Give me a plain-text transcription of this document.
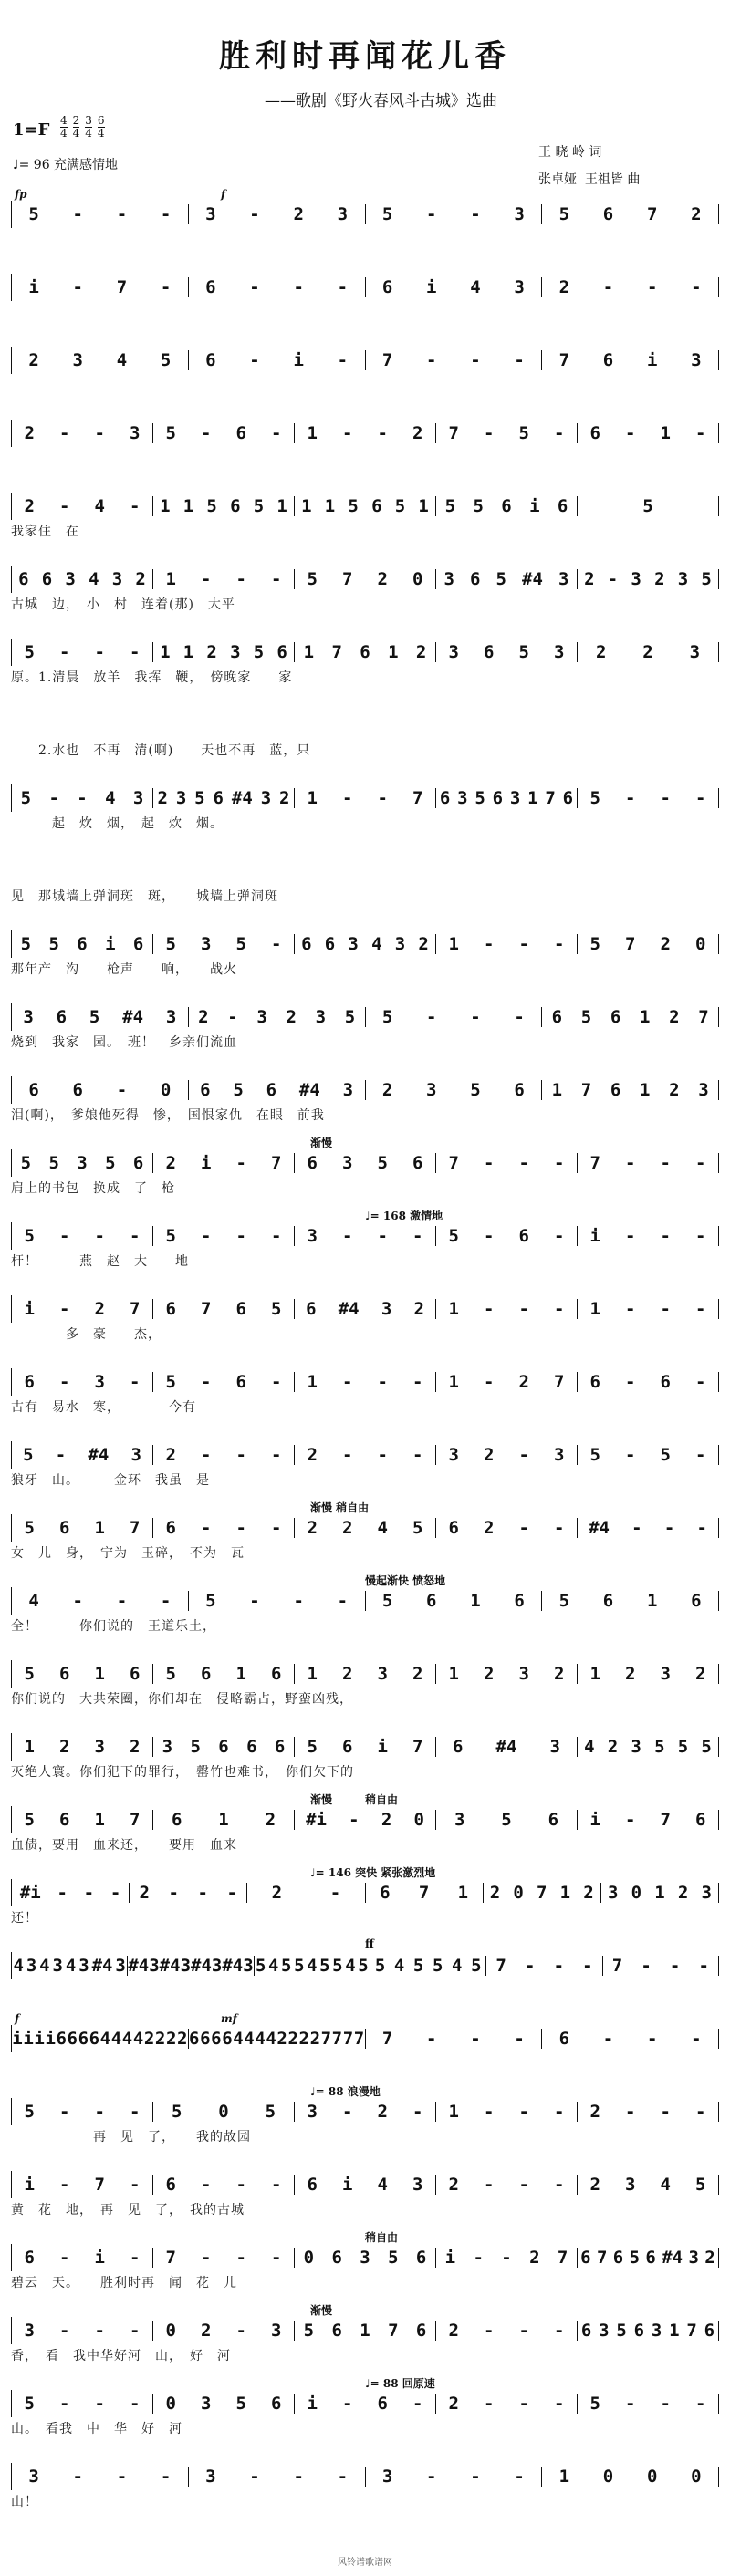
胜利时再闻花儿香
——歌剧《野火春风斗古城》选曲
$1=F \frac{4}{4} \frac{2}{4} \frac{3}{4} \frac{6}{4}$
♩= 96 充满感情地
王 晓 岭 词
张卓娅  王祖皆 曲
5 - - - 3 - 2 3 5 - - 3 5 6 7 2
fp	f
i - 7 - 6 - - - 6 i 4 3 2 - - -
2 3 4 5 6 - i - 7 - - - 7 6 i 3
2 - - 3 5 - 6 - 1 - - 2 7 - 5 - 6 - 1 -
2 - 4 - 1 1 5 6 5 1 1 1 5 6 5 1 5 5 6 i 6	5
我家住　在
6 6 3 4 3 2 1 - - - 5 7 2 0 3 6 5 #4 3 2 - 3 2 3 5
古城　边，　小　村　连着(那)　大平
5 - - - 1 1 2 3 5 6 1 7 6 1 2 3 6 5 3 2 2 3
原。1.清晨　放羊　我挥　鞭，　傍晚家　　家
　　2.水也　不再　清(啊)　　天也不再　蓝，只
5 - - 4 3 2 3 5 6 #4 3 2 1 - - 7 6 3 5 6 3 1 7 6 5 - - -
　　　起　炊　烟，　起　炊　烟。
见　那城墙上弹洞斑　斑，　　城墙上弹洞斑
5 5 6 i 6 5 3 5 - 6 6 3 4 3 2 1 - - - 5 7 2 0
那年产　沟　　枪声　　响，　　战火
3 6 5 #4 3 2 - 3 2 3 5 5 - - - 6 5 6 1 2 7
烧到　我家　园。　班！　乡亲们流血
6 6 - 0 6 5 6 #4 3 2 3 5 6 1 7 6 1 2 3
泪(啊)，　爹娘他死得　惨，　国恨家仇　在眼　前我
5 5 3 5 6 2 i - 7 6 3 5 6 7 - - - 7 - - -
肩上的书包　换成　了　枪
5 - - - 5 - - - 3 - - - 5 - 6 - i - - -
杆！　　　燕　赵　大　　地
i - 2 7 6 7 6 5 6 #4 3 2 1 - - - 1 - - -
　　　　多　豪　　杰，
6 - 3 - 5 - 6 - 1 - - - 1 - 2 7 6 - 6 -
古有　易水　寒，　　　　今有
5 - #4 3 2 - - - 2 - - - 3 2 - 3 5 - 5 -
狼牙　山。　　　金环　我虽　是
5 6 1 7 6 - - - 2 2 4 5 6 2 - - #4 - - -
女　儿　身，　宁为　玉碎，　不为　瓦
4 - - - 5 - - - 5 6 1 6 5 6 1 6
全！　　　你们说的　王道乐土，
5 6 1 6 5 6 1 6 1 2 3 2 1 2 3 2 1 2 3 2
你们说的　大共荣圈，你们却在　侵略霸占，野蛮凶残，
1 2 3 2 3 5 6 6 6 5 6 i 7 6 #4 3 4 2 3 5 5 5
灭绝人寰。你们犯下的罪行，　罄竹也难书，　你们欠下的
5 6 1 7 6 1 2 #i - 2 0 3 5 6 i - 7 6
血债，要用　血来还，　　要用　血来
#i - - - 2 - - - 2	- 6 7 1 2 0 7 1 2 3 0 1 2 3
还！
4 3 4 3 4 3 #4 3 #4 3 #4 3 #4 3 #4 3 5 4 5 5 4 5 5 4 5 5 4 5 5 4 5 7 - - - 7 - - -
i i i i 6 6 6 6 4 4 4 4 2 2 2 2 6 6 6 6 4 4 4 4 2 2 2 2 7 7 7 7 7 - - - 6 - - -
f	mf
5 - - - 5 0 5 3 - 2 - 1 - - - 2 - - -
　　　　　　再　见　了，　　我的故园
i - 7 - 6 - - - 6 i 4 3 2 - - - 2 3 4 5
黄　花　地，　再　见　了，　我的古城
6 - i - 7 - - - 0 6 3 5 6 i - - 2 7 6 7 6 5 6 #4 3 2
碧云　天。　　胜利时再　闻　花　儿
3 - - - 0 2 - 3 5 6 1 7 6 2 - - - 6 3 5 6 3 1 7 6
香，　看　我中华好河　山，　好　河
5 - - - 0 3 5 6 i - 6 - 2 - - - 5 - - -
山。　看我　中　华　好　河
3 - - - 3 - - - 3 - - - 1 0 0 0
山！
渐慢
♩= 168 激情地
渐慢 稍自由
慢起渐快 愤怒地
渐慢	稍自由
♩= 146 突快 紧张激烈地
ff
♩= 88 浪漫地
稍自由
渐慢
♩= 88 回原速
风铃谱歌谱网
